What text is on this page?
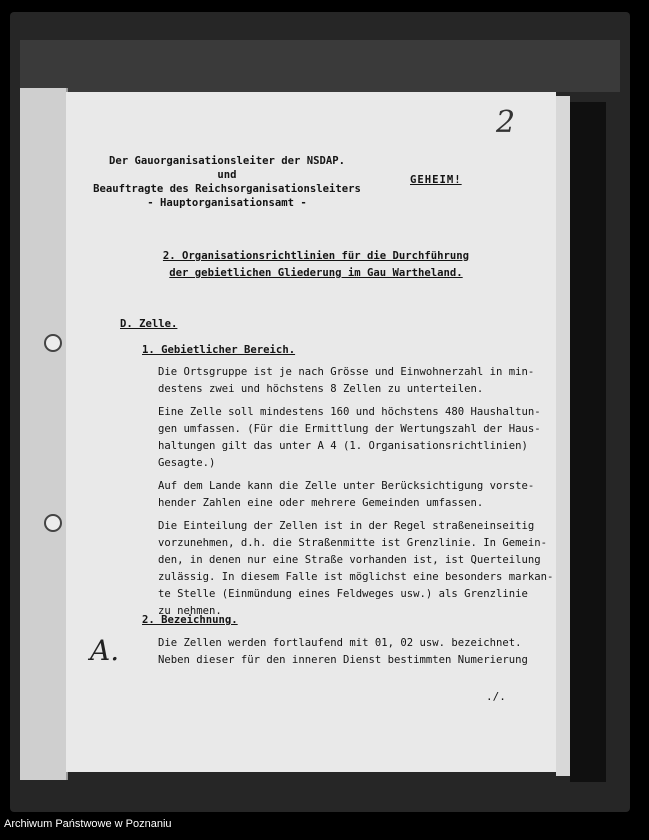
2
Der Gauorganisationsleiter der NSDAP.
und
Beauftragte des Reichsorganisationsleiters
- Hauptorganisationsamt -
GEHEIM!
2. Organisationsrichtlinien für die Durchführung
der gebietlichen Gliederung im Gau Wartheland.
D. Zelle.
1. Gebietlicher Bereich.
Die Ortsgruppe ist je nach Grösse und Einwohnerzahl in min-
destens zwei und höchstens 8 Zellen zu unterteilen.
Eine Zelle soll mindestens 160 und höchstens 480 Haushaltun-
gen umfassen. (Für die Ermittlung der Wertungszahl der Haus-
haltungen gilt das unter A 4 (1. Organisationsrichtlinien)
Gesagte.)
Auf dem Lande kann die Zelle unter Berücksichtigung vorste-
hender Zahlen eine oder mehrere Gemeinden umfassen.
Die Einteilung der Zellen ist in der Regel straßeneinseitig
vorzunehmen, d.h. die Straßenmitte ist Grenzlinie. In Gemein-
den, in denen nur eine Straße vorhanden ist, ist Querteilung
zulässig. In diesem Falle ist möglichst eine besonders markan-
te Stelle (Einmündung eines Feldweges usw.) als Grenzlinie
zu nehmen.
2. Bezeichnung.
Die Zellen werden fortlaufend mit 01, 02 usw. bezeichnet.
Neben dieser für den inneren Dienst bestimmten Numerierung
A.
./.
Archiwum Państwowe w Poznaniu
